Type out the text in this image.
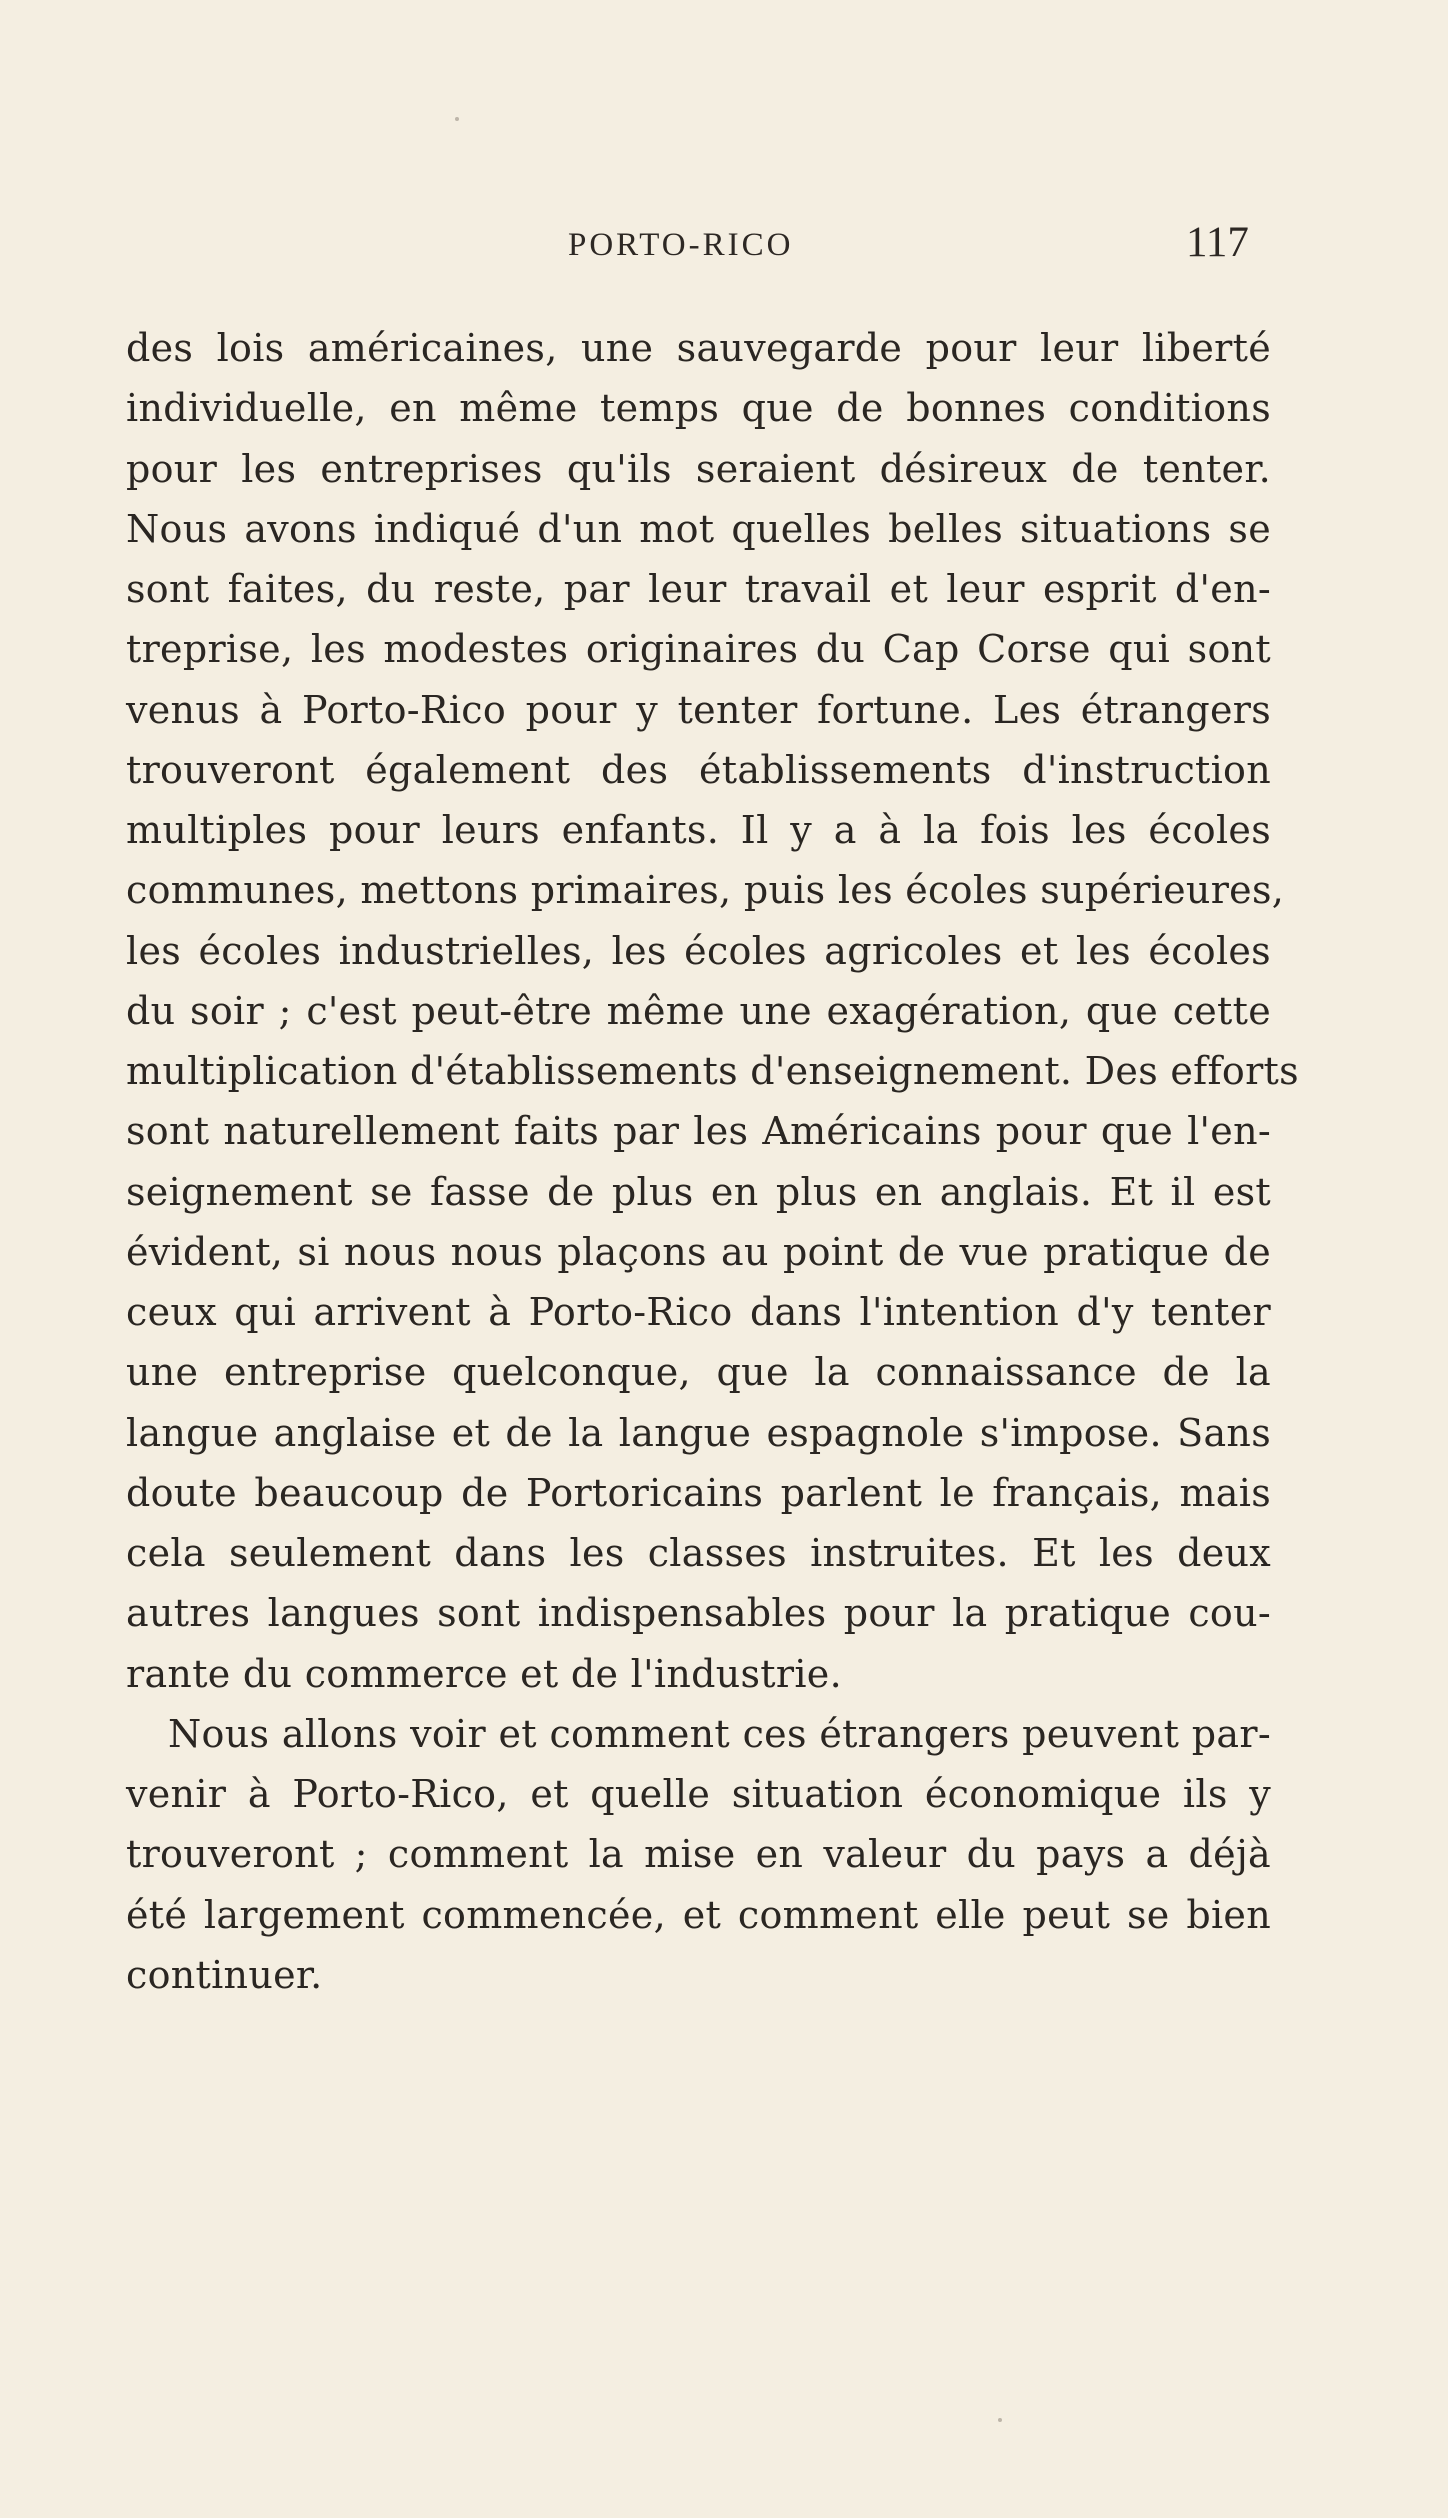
PORTO-RICO	117

des lois américaines, une sauvegarde pour leur liberté
individuelle, en même temps que de bonnes conditions
pour les entreprises qu'ils seraient désireux de tenter.
Nous avons indiqué d'un mot quelles belles situations se
sont faites, du reste, par leur travail et leur esprit d'en-
treprise, les modestes originaires du Cap Corse qui sont
venus à Porto-Rico pour y tenter fortune. Les étrangers
trouveront également des établissements d'instruction
multiples pour leurs enfants. Il y a à la fois les écoles
communes, mettons primaires, puis les écoles supérieures,
les écoles industrielles, les écoles agricoles et les écoles
du soir ; c'est peut-être même une exagération, que cette
multiplication d'établissements d'enseignement. Des efforts
sont naturellement faits par les Américains pour que l'en-
seignement se fasse de plus en plus en anglais. Et il est
évident, si nous nous plaçons au point de vue pratique de
ceux qui arrivent à Porto-Rico dans l'intention d'y tenter
une entreprise quelconque, que la connaissance de la
langue anglaise et de la langue espagnole s'impose. Sans
doute beaucoup de Portoricains parlent le français, mais
cela seulement dans les classes instruites. Et les deux
autres langues sont indispensables pour la pratique cou-
rante du commerce et de l'industrie.

Nous allons voir et comment ces étrangers peuvent par-
venir à Porto-Rico, et quelle situation économique ils y
trouveront ; comment la mise en valeur du pays a déjà
été largement commencée, et comment elle peut se bien
continuer.
